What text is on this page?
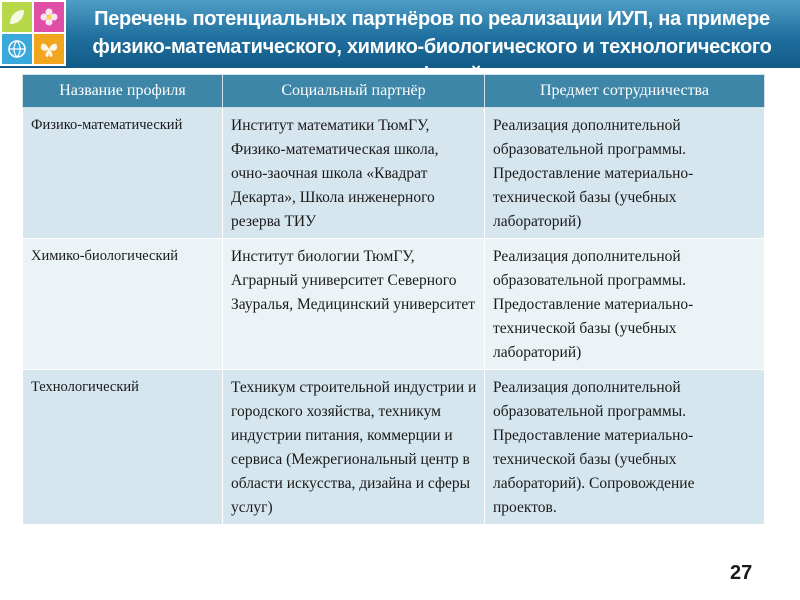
Перечень потенциальных партнёров по реализации ИУП, на примере физико-математического, химико-биологического и технологического
Название профиля	Социальный партнёр	Предмет сотрудничества
Физико-математический	Институт математики ТюмГУ, Физико-математическая школа, очно-заочная школа «Квадрат Декарта», Школа инженерного резерва ТИУ	Реализация дополнительной образовательной программы. Предоставление материально-технической базы (учебных лабораторий)
Химико-биологический	Институт биологии ТюмГУ, Аграрный университет Северного Зауралья, Медицинский университет	Реализация дополнительной образовательной программы. Предоставление материально-технической базы (учебных лабораторий)
Технологический	Техникум строительной индустрии и городского хозяйства, техникум индустрии питания, коммерции и сервиса (Межрегиональный центр в области искусства, дизайна и сферы услуг)	Реализация дополнительной образовательной программы. Предоставление материально-технической базы (учебных лабораторий). Сопровождение проектов.
27
